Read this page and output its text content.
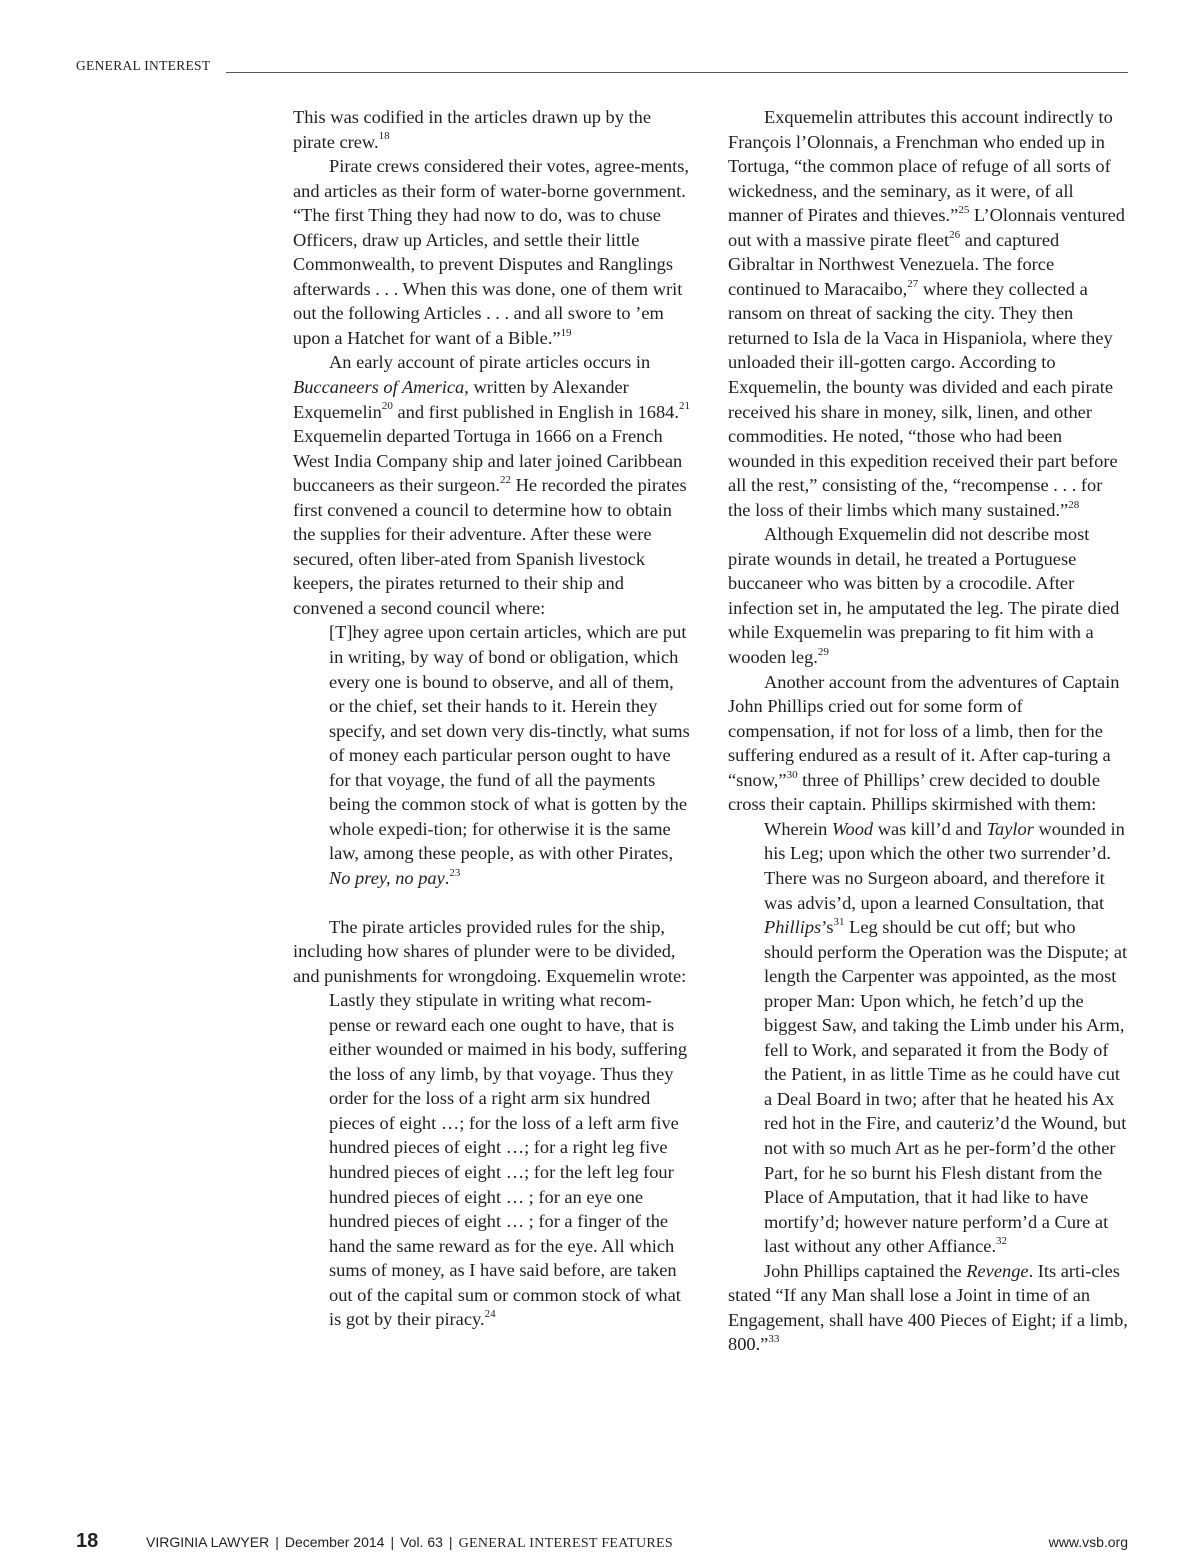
GENERAL INTEREST

This was codified in the articles drawn up by the pirate crew.$^{18}$

Pirate crews considered their votes, agree-ments, and articles as their form of water-borne government. “The first Thing they had now to do, was to chuse Officers, draw up Articles, and settle their little Commonwealth, to prevent Disputes and Ranglings afterwards . . . When this was done, one of them writ out the following Articles . . . and all swore to ’em upon a Hatchet for want of a Bible.”$^{19}$

An early account of pirate articles occurs in Buccaneers of America, written by Alexander Exquemelin$^{20}$ and first published in English in 1684.21 Exquemelin departed Tortuga in 1666 on a French West India Company ship and later joined Caribbean buccaneers as their surgeon.$^{22}$ He recorded the pirates first convened a council to determine how to obtain the supplies for their adventure. After these were secured, often liber-ated from Spanish livestock keepers, the pirates returned to their ship and convened a second council where:

[T]hey agree upon certain articles, which are put in writing, by way of bond or obligation, which every one is bound to observe, and all of them, or the chief, set their hands to it. Herein they specify, and set down very dis-tinctly, what sums of money each particular person ought to have for that voyage, the fund of all the payments being the common stock of what is gotten by the whole expedi-tion; for otherwise it is the same law, among these people, as with other Pirates, No prey, no pay.$^{23}$

The pirate articles provided rules for the ship, including how shares of plunder were to be divided, and punishments for wrongdoing. Exquemelin wrote:

Lastly they stipulate in writing what recom-pense or reward each one ought to have, that is either wounded or maimed in his body, suffering the loss of any limb, by that voyage. Thus they order for the loss of a right arm six hundred pieces of eight …; for the loss of a left arm five hundred pieces of eight …; for a right leg five hundred pieces of eight …; for the left leg four hundred pieces of eight … ; for an eye one hundred pieces of eight … ; for a finger of the hand the same reward as for the eye. All which sums of money, as I have said before, are taken out of the capital sum or common stock of what is got by their piracy.$^{24}$

Exquemelin attributes this account indirectly to François l’Olonnais, a Frenchman who ended up in Tortuga, “the common place of refuge of all sorts of wickedness, and the seminary, as it were, of all manner of Pirates and thieves.”$^{25}$ L’Olonnais ventured out with a massive pirate fleet$^{26}$ and captured Gibraltar in Northwest Venezuela. The force continued to Maracaibo,$^{27}$ where they collected a ransom on threat of sacking the city. They then returned to Isla de la Vaca in Hispaniola, where they unloaded their ill-gotten cargo. According to Exquemelin, the bounty was divided and each pirate received his share in money, silk, linen, and other commodities. He noted, “those who had been wounded in this expedition received their part before all the rest,” consisting of the, “recompense . . . for the loss of their limbs which many sustained.”$^{28}$

Although Exquemelin did not describe most pirate wounds in detail, he treated a Portuguese buccaneer who was bitten by a crocodile. After infection set in, he amputated the leg. The pirate died while Exquemelin was preparing to fit him with a wooden leg.$^{29}$

Another account from the adventures of Captain John Phillips cried out for some form of compensation, if not for loss of a limb, then for the suffering endured as a result of it. After cap-turing a “snow,”$^{30}$ three of Phillips’ crew decided to double cross their captain. Phillips skirmished with them:

Wherein Wood was kill’d and Taylor wounded in his Leg; upon which the other two surrender’d. There was no Surgeon aboard, and therefore it was advis’d, upon a learned Consultation, that Phillips’s$^{31}$ Leg should be cut off; but who should perform the Operation was the Dispute; at length the Carpenter was appointed, as the most proper Man: Upon which, he fetch’d up the biggest Saw, and taking the Limb under his Arm, fell to Work, and separated it from the Body of the Patient, in as little Time as he could have cut a Deal Board in two; after that he heated his Ax red hot in the Fire, and cauteriz’d the Wound, but not with so much Art as he per-form’d the other Part, for he so burnt his Flesh distant from the Place of Amputation, that it had like to have mortify’d; however nature perform’d a Cure at last without any other Affiance.$^{32}$

John Phillips captained the Revenge. Its arti-cles stated “If any Man shall lose a Joint in time of an Engagement, shall have 400 Pieces of Eight; if a limb, 800.”$^{33}$

18	VIRGINIA LAWYER | December 2014 | Vol. 63 | GENERAL INTEREST FEATURES	www.vsb.org
